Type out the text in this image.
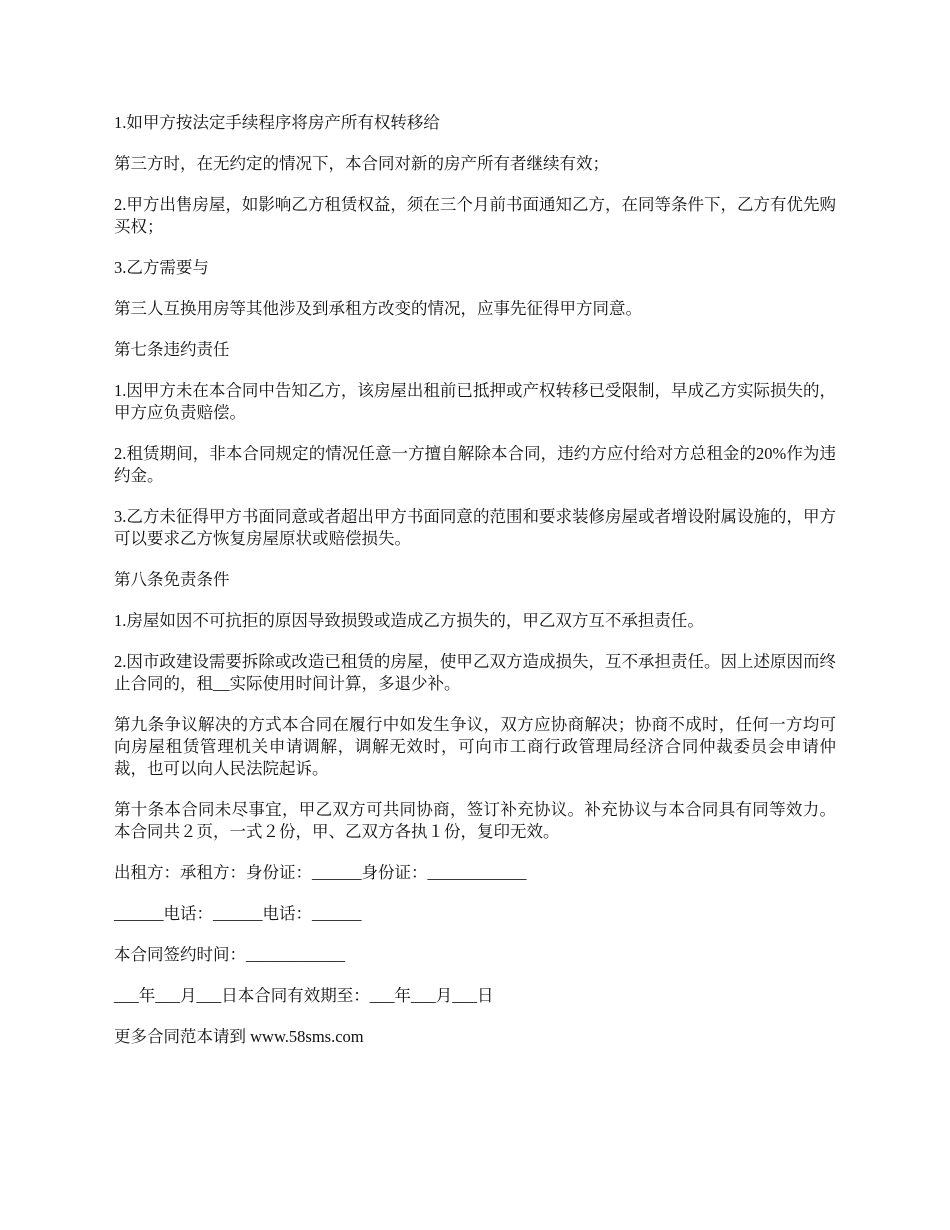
1.如甲方按法定手续程序将房产所有权转移给

第三方时，在无约定的情况下，本合同对新的房产所有者继续有效；

2.甲方出售房屋，如影响乙方租赁权益，须在三个月前书面通知乙方，在同等条件下，乙方有优先购买权；

3.乙方需要与

第三人互换用房等其他涉及到承租方改变的情况，应事先征得甲方同意。

第七条违约责任

1.因甲方未在本合同中告知乙方，该房屋出租前已抵押或产权转移已受限制，早成乙方实际损失的，甲方应负责赔偿。

2.租赁期间，非本合同规定的情况任意一方擅自解除本合同，违约方应付给对方总租金的20%作为违约金。

3.乙方未征得甲方书面同意或者超出甲方书面同意的范围和要求装修房屋或者增设附属设施的，甲方可以要求乙方恢复房屋原状或赔偿损失。

第八条免责条件

1.房屋如因不可抗拒的原因导致损毁或造成乙方损失的，甲乙双方互不承担责任。

2.因市政建设需要拆除或改造已租赁的房屋，使甲乙双方造成损失，互不承担责任。因上述原因而终止合同的，租__实际使用时间计算，多退少补。

第九条争议解决的方式本合同在履行中如发生争议，双方应协商解决；协商不成时，任何一方均可向房屋租赁管理机关申请调解，调解无效时，可向市工商行政管理局经济合同仲裁委员会申请仲裁，也可以向人民法院起诉。

第十条本合同未尽事宜，甲乙双方可共同协商，签订补充协议。补充协议与本合同具有同等效力。本合同共２页，一式２份，甲、乙双方各执１份，复印无效。

出租方：承租方：身份证：______身份证：____________

______电话：______电话：______

本合同签约时间：____________

___年___月___日本合同有效期至：___年___月___日

更多合同范本请到 www.58sms.com
